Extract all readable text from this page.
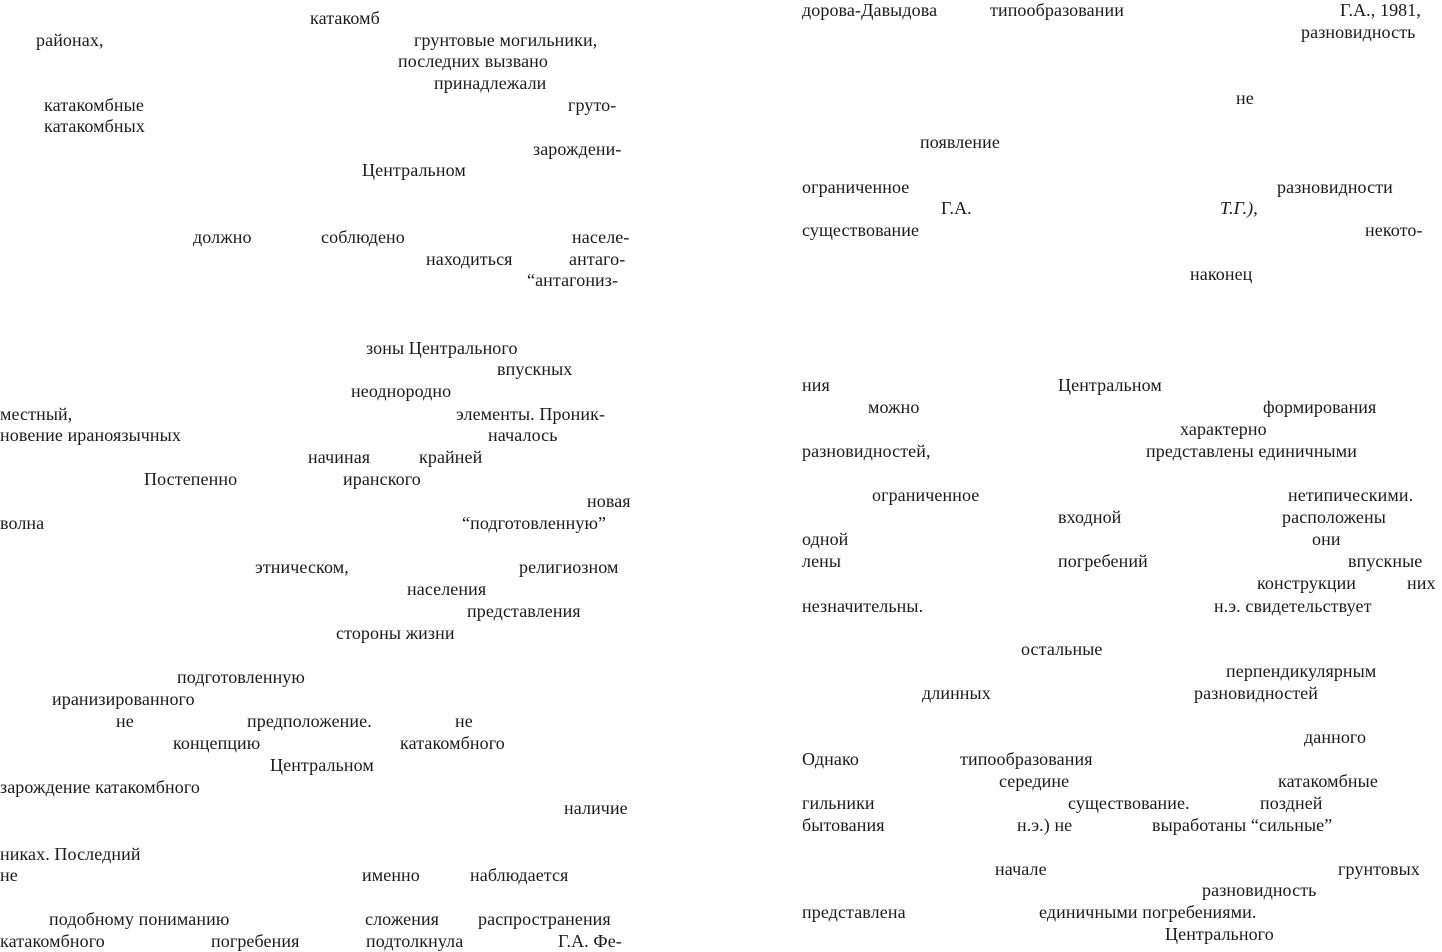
катакомб
районах,	грунтовые могильники,
последних вызвано
принадлежали
катакомбные	груто-
катакомбных
зарождени-
Центральном
должно	соблюдено	населе-
находиться	антаго-
“антагониз-
зоны Центрального
впускных
неоднородно
местный,	элементы. Проник-
новение ираноязычных	началось
начиная	крайней
Постепенно	иранского
новая
волна	“подготовленную”
этническом,	религиозном
населения
представления
стороны жизни
подготовленную
иранизированного
не	предположение.	не
концепцию	катакомбного
Центральном
зарождение катакомбного
наличие
никах. Последний
не	именно	наблюдается
подобному пониманию	сложения распространения
катакомбного	погребения	подтолкнула	Г.А. Фе-
дорова-Давыдова	типообразовании	Г.А., 1981,
разновидность
не
появление
ограниченное	разновидности
Г.А.	Т.Г.),
существование	некото-
наконец
ния	Центральном
можно	формирования
характерно
разновидностей,	представлены единичными
ограниченное	нетипическими.
входной	расположены
одной	они
лены	погребений	впускные
конструкции	них
незначительны.	н.э. свидетельствует
остальные
перпендикулярным
длинных	разновидностей
данного
Однако	типообразования
середине	катакомбные
гильники	существование.	поздней
бытования	н.э.) не	выработаны “сильные”
начале	грунтовых
разновидность
представлена	единичными погребениями.
Центрального
